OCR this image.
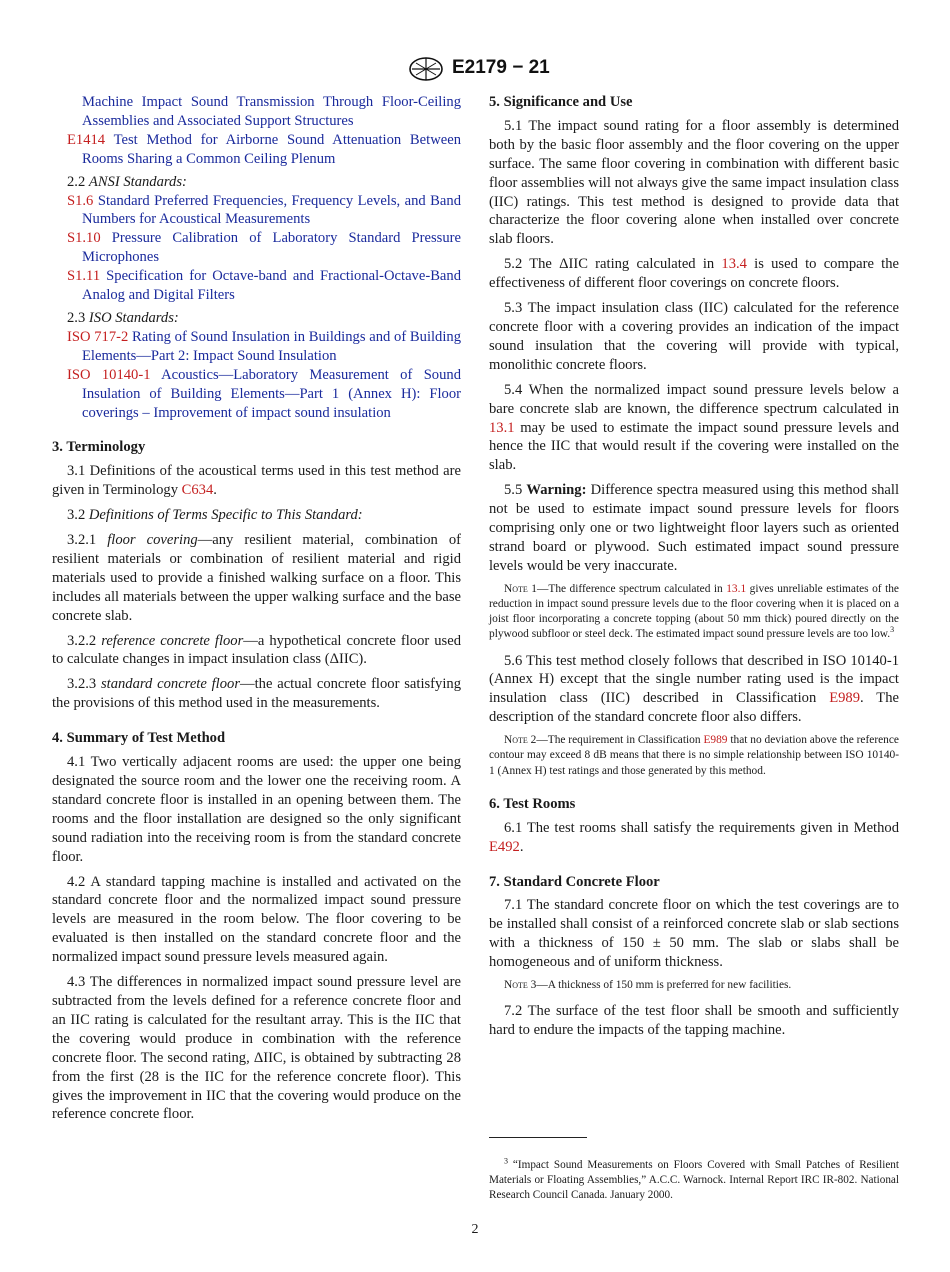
E2179 − 21

Machine Impact Sound Transmission Through Floor-Ceiling Assemblies and Associated Support Structures

E1414 Test Method for Airborne Sound Attenuation Between Rooms Sharing a Common Ceiling Plenum

2.2 ANSI Standards:

S1.6 Standard Preferred Frequencies, Frequency Levels, and Band Numbers for Acoustical Measurements

S1.10 Pressure Calibration of Laboratory Standard Pressure Microphones

S1.11 Specification for Octave-band and Fractional-Octave-Band Analog and Digital Filters

2.3 ISO Standards:

ISO 717-2 Rating of Sound Insulation in Buildings and of Building Elements—Part 2: Impact Sound Insulation

ISO 10140-1 Acoustics—Laboratory Measurement of Sound Insulation of Building Elements—Part 1 (Annex H): Floor coverings – Improvement of impact sound insulation

3. Terminology

3.1 Definitions of the acoustical terms used in this test method are given in Terminology C634.

3.2 Definitions of Terms Specific to This Standard:

3.2.1 floor covering—any resilient material, combination of resilient materials or combination of resilient material and rigid materials used to provide a finished walking surface on a floor. This includes all materials between the upper walking surface and the base concrete slab.

3.2.2 reference concrete floor—a hypothetical concrete floor used to calculate changes in impact insulation class (ΔIIC).

3.2.3 standard concrete floor—the actual concrete floor satisfying the provisions of this method used in the measurements.

4. Summary of Test Method

4.1 Two vertically adjacent rooms are used: the upper one being designated the source room and the lower one the receiving room. A standard concrete floor is installed in an opening between them. The rooms and the floor installation are designed so the only significant sound radiation into the receiving room is from the standard concrete floor.

4.2 A standard tapping machine is installed and activated on the standard concrete floor and the normalized impact sound pressure levels are measured in the room below. The floor covering to be evaluated is then installed on the standard concrete floor and the normalized impact sound pressure levels measured again.

4.3 The differences in normalized impact sound pressure level are subtracted from the levels defined for a reference concrete floor and an IIC rating is calculated for the resultant array. This is the IIC that the covering would produce in combination with the reference concrete floor. The second rating, ΔIIC, is obtained by subtracting 28 from the first (28 is the IIC for the reference concrete floor). This gives the improvement in IIC that the covering would produce on the reference concrete floor.

5. Significance and Use

5.1 The impact sound rating for a floor assembly is determined both by the basic floor assembly and the floor covering on the upper surface. The same floor covering in combination with different basic floor assemblies will not always give the same impact insulation class (IIC) ratings. This test method is designed to provide data that characterize the floor covering alone when installed over concrete slab floors.

5.2 The ΔIIC rating calculated in 13.4 is used to compare the effectiveness of different floor coverings on concrete floors.

5.3 The impact insulation class (IIC) calculated for the reference concrete floor with a covering provides an indication of the impact sound insulation that the covering will provide with typical, monolithic concrete floors.

5.4 When the normalized impact sound pressure levels below a bare concrete slab are known, the difference spectrum calculated in 13.1 may be used to estimate the impact sound pressure levels and hence the IIC that would result if the covering were installed on the slab.

5.5 Warning: Difference spectra measured using this method shall not be used to estimate impact sound pressure levels for floors comprising only one or two lightweight floor layers such as oriented strand board or plywood. Such estimated impact sound pressure levels would be very inaccurate.

Note 1—The difference spectrum calculated in 13.1 gives unreliable estimates of the reduction in impact sound pressure levels due to the floor covering when it is placed on a joist floor incorporating a concrete topping (about 50 mm thick) poured directly on the plywood subfloor or steel deck. The estimated impact sound pressure levels are too low.$^3$

5.6 This test method closely follows that described in ISO 10140-1 (Annex H) except that the single number rating used is the impact insulation class (IIC) described in Classification E989. The description of the standard concrete floor also differs.

Note 2—The requirement in Classification E989 that no deviation above the reference contour may exceed 8 dB means that there is no simple relationship between ISO 10140-1 (Annex H) test ratings and those generated by this method.

6. Test Rooms

6.1 The test rooms shall satisfy the requirements given in Method E492.

7. Standard Concrete Floor

7.1 The standard concrete floor on which the test coverings are to be installed shall consist of a reinforced concrete slab or slab sections with a thickness of 150 ± 50 mm. The slab or slabs shall be homogeneous and of uniform thickness.

Note 3—A thickness of 150 mm is preferred for new facilities.

7.2 The surface of the test floor shall be smooth and sufficiently hard to endure the impacts of the tapping machine.

$^3$ “Impact Sound Measurements on Floors Covered with Small Patches of Resilient Materials or Floating Assemblies,” A.C.C. Warnock. Internal Report IRC IR-802. National Research Council Canada. January 2000.

2
